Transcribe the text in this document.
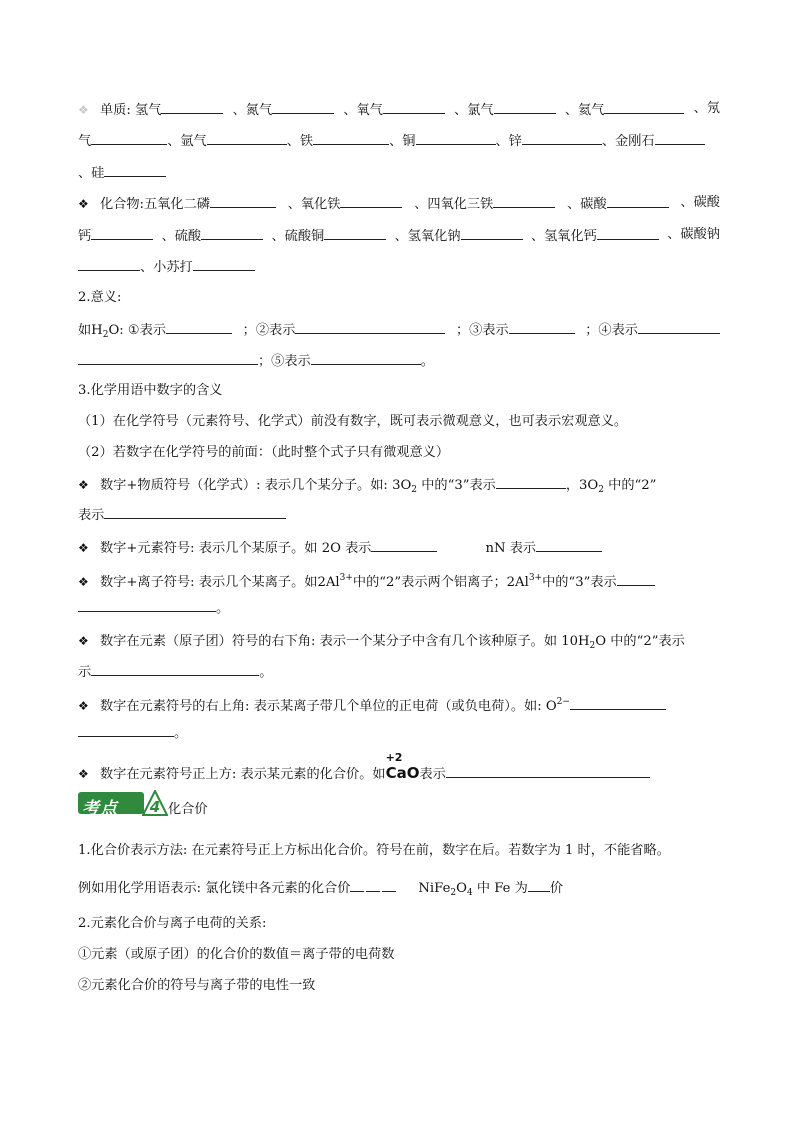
❖ 单质: 氢气	、氮气	、氧气	、氯气	、氦气	、氖
气	、氩气	、铁	、铜	、锌	、金刚石
、硅
❖ 化合物:五氧化二磷	、氧化铁	、四氧化三铁	、碳酸	、碳酸
钙	、硫酸	、硫酸铜	、氢氧化钠	、氢氧化钙	、碳酸钠
、小苏打
2.意义:
如$H_2O$: ①表示	；②表示	；③表示	；④表示
；⑤表示	。
3.化学用语中数字的含义
（1）在化学符号（元素符号、化学式）前没有数字，既可表示微观意义，也可表示宏观意义。
（2）若数字在化学符号的前面：（此时整个式子只有微观意义）
❖ 数字+物质符号（化学式）: 表示几个某分子。如: $3O_2$ 中的“3”表示	，$3O_2$ 中的“2”
表示
❖ 数字+元素符号: 表示几个某原子。如 2O 表示	nN 表示
❖ 数字+离子符号: 表示几个某离子。如$2Al^{3+}$中的“2”表示两个铝离子；$2Al^{3+}$中的“3”表示
。
❖ 数字在元素（原子团）符号的右下角: 表示一个某分子中含有几个该种原子。如 $10H_2O$ 中的“2”表示
示	。
❖ 数字在元素符号的右上角: 表示某离子带几个单位的正电荷（或负电荷）。如: $O^{2-}$
。
❖ 数字在元素符号正上方: 表示某元素的化合价。如
+2
CaO表示
考点 4 化合价
1.化合价表示方法: 在元素符号正上方标出化合价。符号在前，数字在后。若数字为 1 时，不能省略。
例如用化学用语表示: 氯化镁中各元素的化合价	$NiFe_2O_4$ 中 Fe 为 价
2.元素化合价与离子电荷的关系:
①元素（或原子团）的化合价的数值＝离子带的电荷数
②元素化合价的符号与离子带的电性一致
